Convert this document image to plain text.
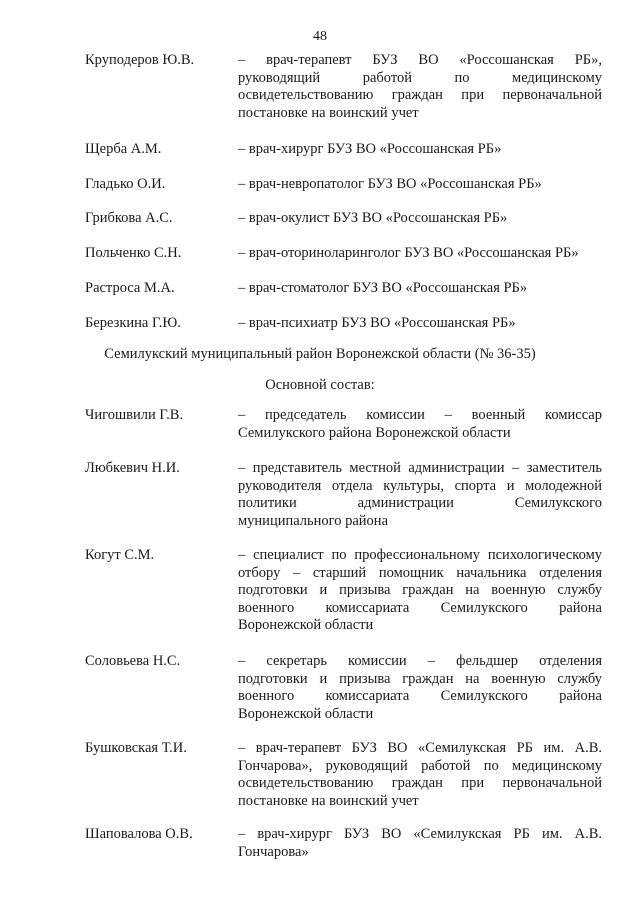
48
Круподеров Ю.В.	– врач-терапевт БУЗ ВО «Россошанская РБ»,
руководящий работой по медицинскому
освидетельствованию граждан при первоначальной
постановке на воинский учет
Щерба А.М.	– врач-хирург БУЗ ВО «Россошанская РБ»
Гладько О.И.	– врач-невропатолог БУЗ ВО «Россошанская РБ»
Грибкова А.С.	– врач-окулист БУЗ ВО «Россошанская РБ»
Польченко С.Н.	– врач-оториноларинголог БУЗ ВО «Россошанская РБ»
Растроса М.А.	– врач-стоматолог БУЗ ВО «Россошанская РБ»
Березкина Г.Ю.	– врач-психиатр БУЗ ВО «Россошанская РБ»
Семилукский муниципальный район Воронежской области (№ 36-35)
Основной состав:
Чигошвили Г.В.	– председатель комиссии – военный комиссар
Семилукского района Воронежской области
Любкевич Н.И.	– представитель местной администрации – заместитель
руководителя отдела культуры, спорта и молодежной
политики администрации Семилукского
муниципального района
Когут С.М.	– специалист по профессиональному психологическому
отбору – старший помощник начальника отделения
подготовки и призыва граждан на военную службу
военного комиссариата Семилукского района
Воронежской области
Соловьева Н.С.	– секретарь комиссии – фельдшер отделения
подготовки и призыва граждан на военную службу
военного комиссариата Семилукского района
Воронежской области
Бушковская Т.И.	– врач-терапевт БУЗ ВО «Семилукская РБ им. А.В.
Гончарова», руководящий работой по медицинскому
освидетельствованию граждан при первоначальной
постановке на воинский учет
Шаповалова О.В.	– врач-хирург БУЗ ВО «Семилукская РБ им. А.В.
Гончарова»
